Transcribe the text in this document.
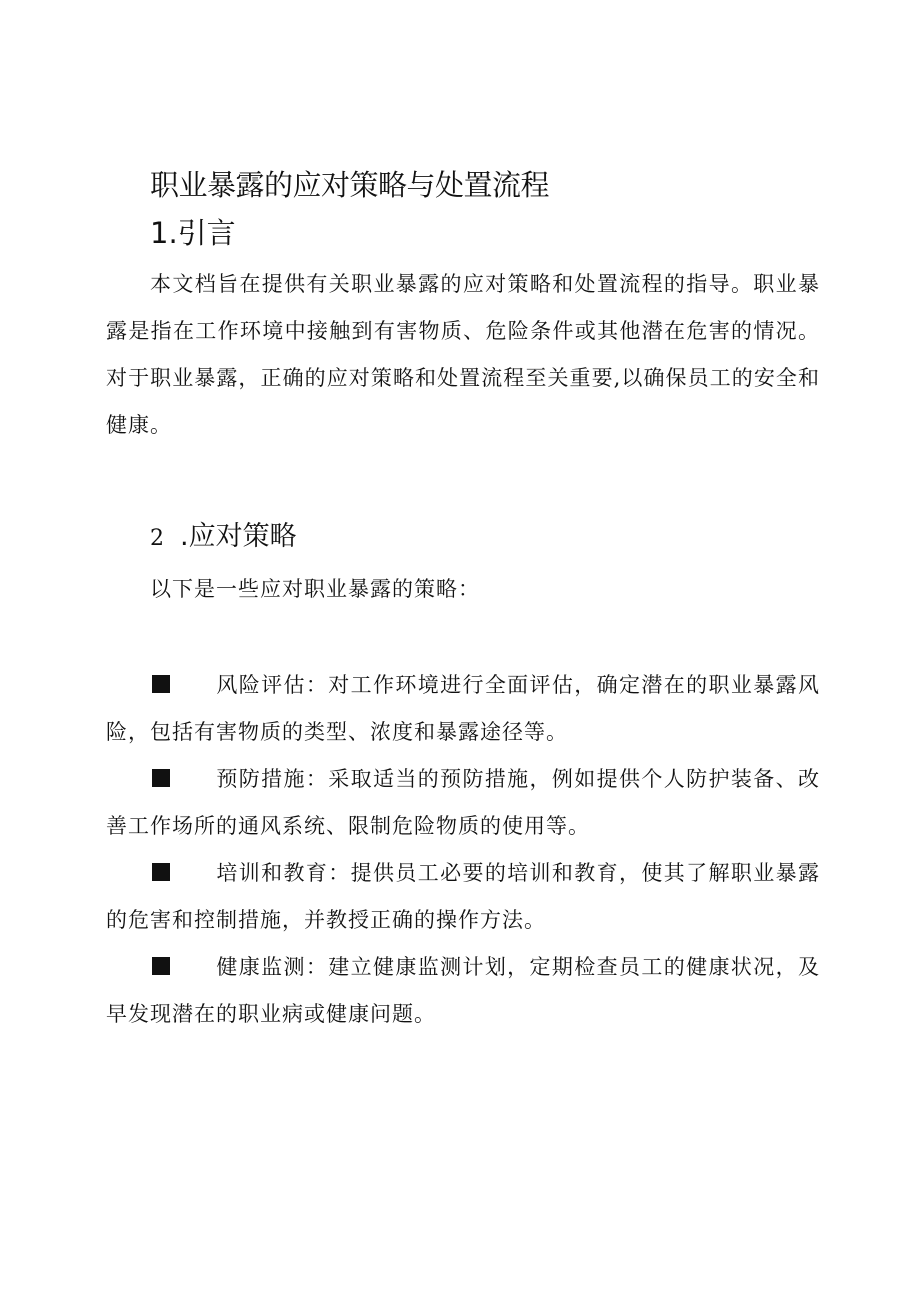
职业暴露的应对策略与处置流程
1.引言

本文档旨在提供有关职业暴露的应对策略和处置流程的指导。职业暴露是指在工作环境中接触到有害物质、危险条件或其他潜在危害的情况。对于职业暴露，正确的应对策略和处置流程至关重要,以确保员工的安全和健康。

2 .应对策略

以下是一些应对职业暴露的策略：

风险评估：对工作环境进行全面评估，确定潜在的职业暴露风险，包括有害物质的类型、浓度和暴露途径等。

预防措施：采取适当的预防措施，例如提供个人防护装备、改善工作场所的通风系统、限制危险物质的使用等。

培训和教育：提供员工必要的培训和教育，使其了解职业暴露的危害和控制措施，并教授正确的操作方法。

健康监测：建立健康监测计划，定期检查员工的健康状况，及早发现潜在的职业病或健康问题。
